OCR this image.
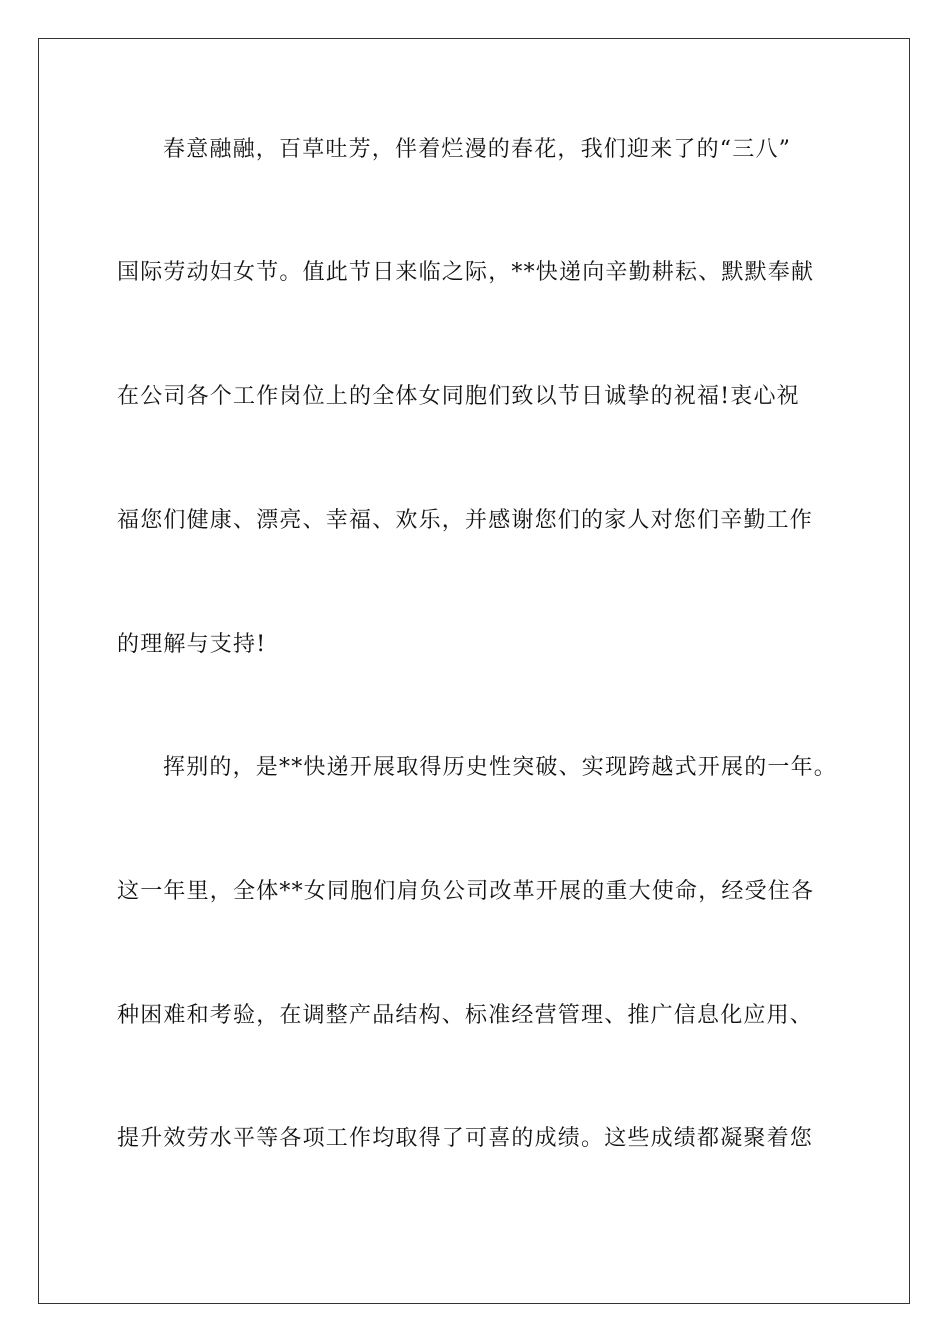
春意融融，百草吐芳，伴着烂漫的春花，我们迎来了的“三八”
国际劳动妇女节。值此节日来临之际，**快递向辛勤耕耘、默默奉献
在公司各个工作岗位上的全体女同胞们致以节日诚挚的祝福!衷心祝
福您们健康、漂亮、幸福、欢乐，并感谢您们的家人对您们辛勤工作
的理解与支持!
挥别的，是**快递开展取得历史性突破、实现跨越式开展的一年。
这一年里，全体**女同胞们肩负公司改革开展的重大使命，经受住各
种困难和考验，在调整产品结构、标准经营管理、推广信息化应用、
提升效劳水平等各项工作均取得了可喜的成绩。这些成绩都凝聚着您
